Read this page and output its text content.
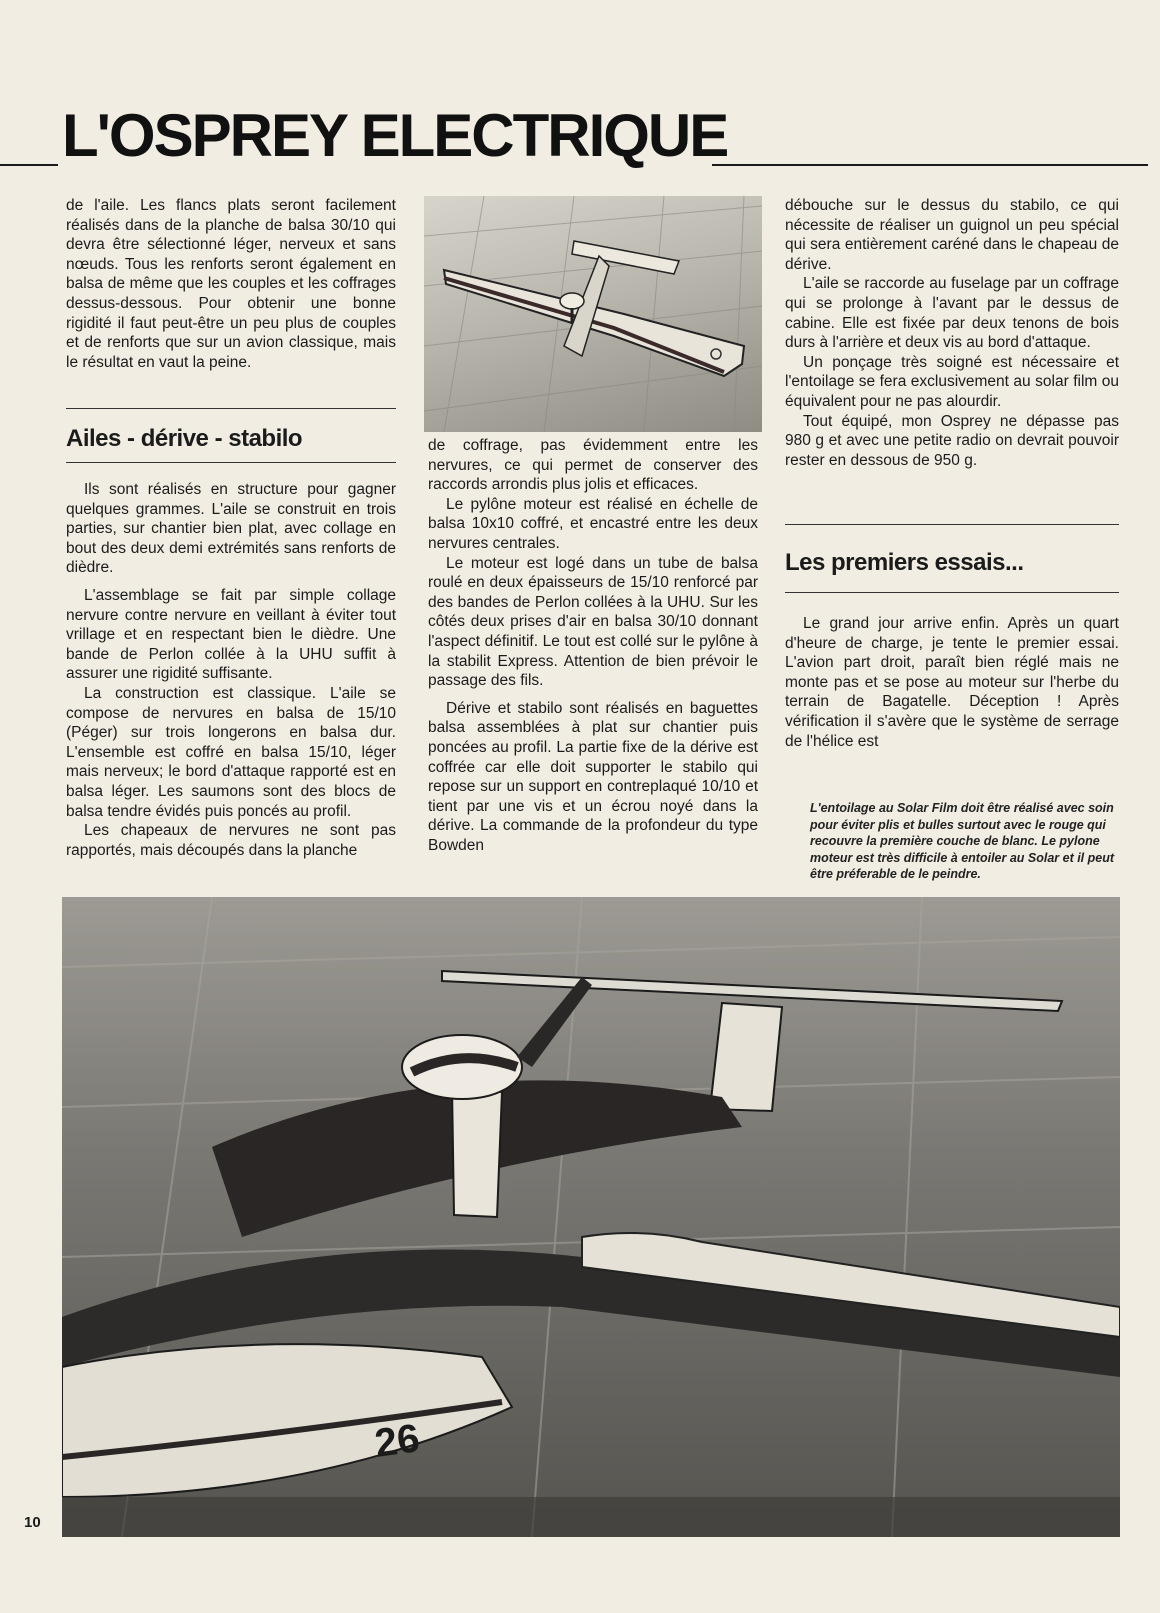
L'OSPREY ELECTRIQUE

de l'aile. Les flancs plats seront facilement réalisés dans de la planche de balsa 30/10 qui devra être sélectionné léger, nerveux et sans nœuds. Tous les renforts seront également en balsa de même que les couples et les coffrages dessus-dessous. Pour obtenir une bonne rigidité il faut peut-être un peu plus de couples et de renforts que sur un avion classique, mais le résultat en vaut la peine.

Ailes - dérive - stabilo

Ils sont réalisés en structure pour gagner quelques grammes. L'aile se construit en trois parties, sur chantier bien plat, avec collage en bout des deux demi extrémités sans renforts de dièdre.

L'assemblage se fait par simple collage nervure contre nervure en veillant à éviter tout vrillage et en respectant bien le dièdre. Une bande de Perlon collée à la UHU suffit à assurer une rigidité suffisante.

La construction est classique. L'aile se compose de nervures en balsa de 15/10 (Péger) sur trois longerons en balsa dur. L'ensemble est coffré en balsa 15/10, léger mais nerveux; le bord d'attaque rapporté est en balsa léger. Les saumons sont des blocs de balsa tendre évidés puis poncés au profil.

Les chapeaux de nervures ne sont pas rapportés, mais découpés dans la planche

de coffrage, pas évidemment entre les nervures, ce qui permet de conserver des raccords arrondis plus jolis et efficaces.

Le pylône moteur est réalisé en échelle de balsa 10x10 coffré, et encastré entre les deux nervures centrales.

Le moteur est logé dans un tube de balsa roulé en deux épaisseurs de 15/10 renforcé par des bandes de Perlon collées à la UHU. Sur les côtés deux prises d'air en balsa 30/10 donnant l'aspect définitif. Le tout est collé sur le pylône à la stabilit Express. Attention de bien prévoir le passage des fils.

Dérive et stabilo sont réalisés en baguettes balsa assemblées à plat sur chantier puis poncées au profil. La partie fixe de la dérive est coffrée car elle doit supporter le stabilo qui repose sur un support en contreplaqué 10/10 et tient par une vis et un écrou noyé dans la dérive. La commande de la profondeur du type Bowden

débouche sur le dessus du stabilo, ce qui nécessite de réaliser un guignol un peu spécial qui sera entièrement caréné dans le chapeau de dérive.

L'aile se raccorde au fuselage par un coffrage qui se prolonge à l'avant par le dessus de cabine. Elle est fixée par deux tenons de bois durs à l'arrière et deux vis au bord d'attaque.

Un ponçage très soigné est nécessaire et l'entoilage se fera exclusivement au solar film ou équivalent pour ne pas alourdir.

Tout équipé, mon Osprey ne dépasse pas 980 g et avec une petite radio on devrait pouvoir rester en dessous de 950 g.

Les premiers essais...

Le grand jour arrive enfin. Après un quart d'heure de charge, je tente le premier essai. L'avion part droit, paraît bien réglé mais ne monte pas et se pose au moteur sur l'herbe du terrain de Bagatelle. Déception ! Après vérification il s'avère que le système de serrage de l'hélice est

L'entoilage au Solar Film doit être réalisé avec soin pour éviter plis et bulles surtout avec le rouge qui recouvre la première couche de blanc. Le pylone moteur est très difficile à entoiler au Solar et il peut être préferable de le peindre.
26
10
